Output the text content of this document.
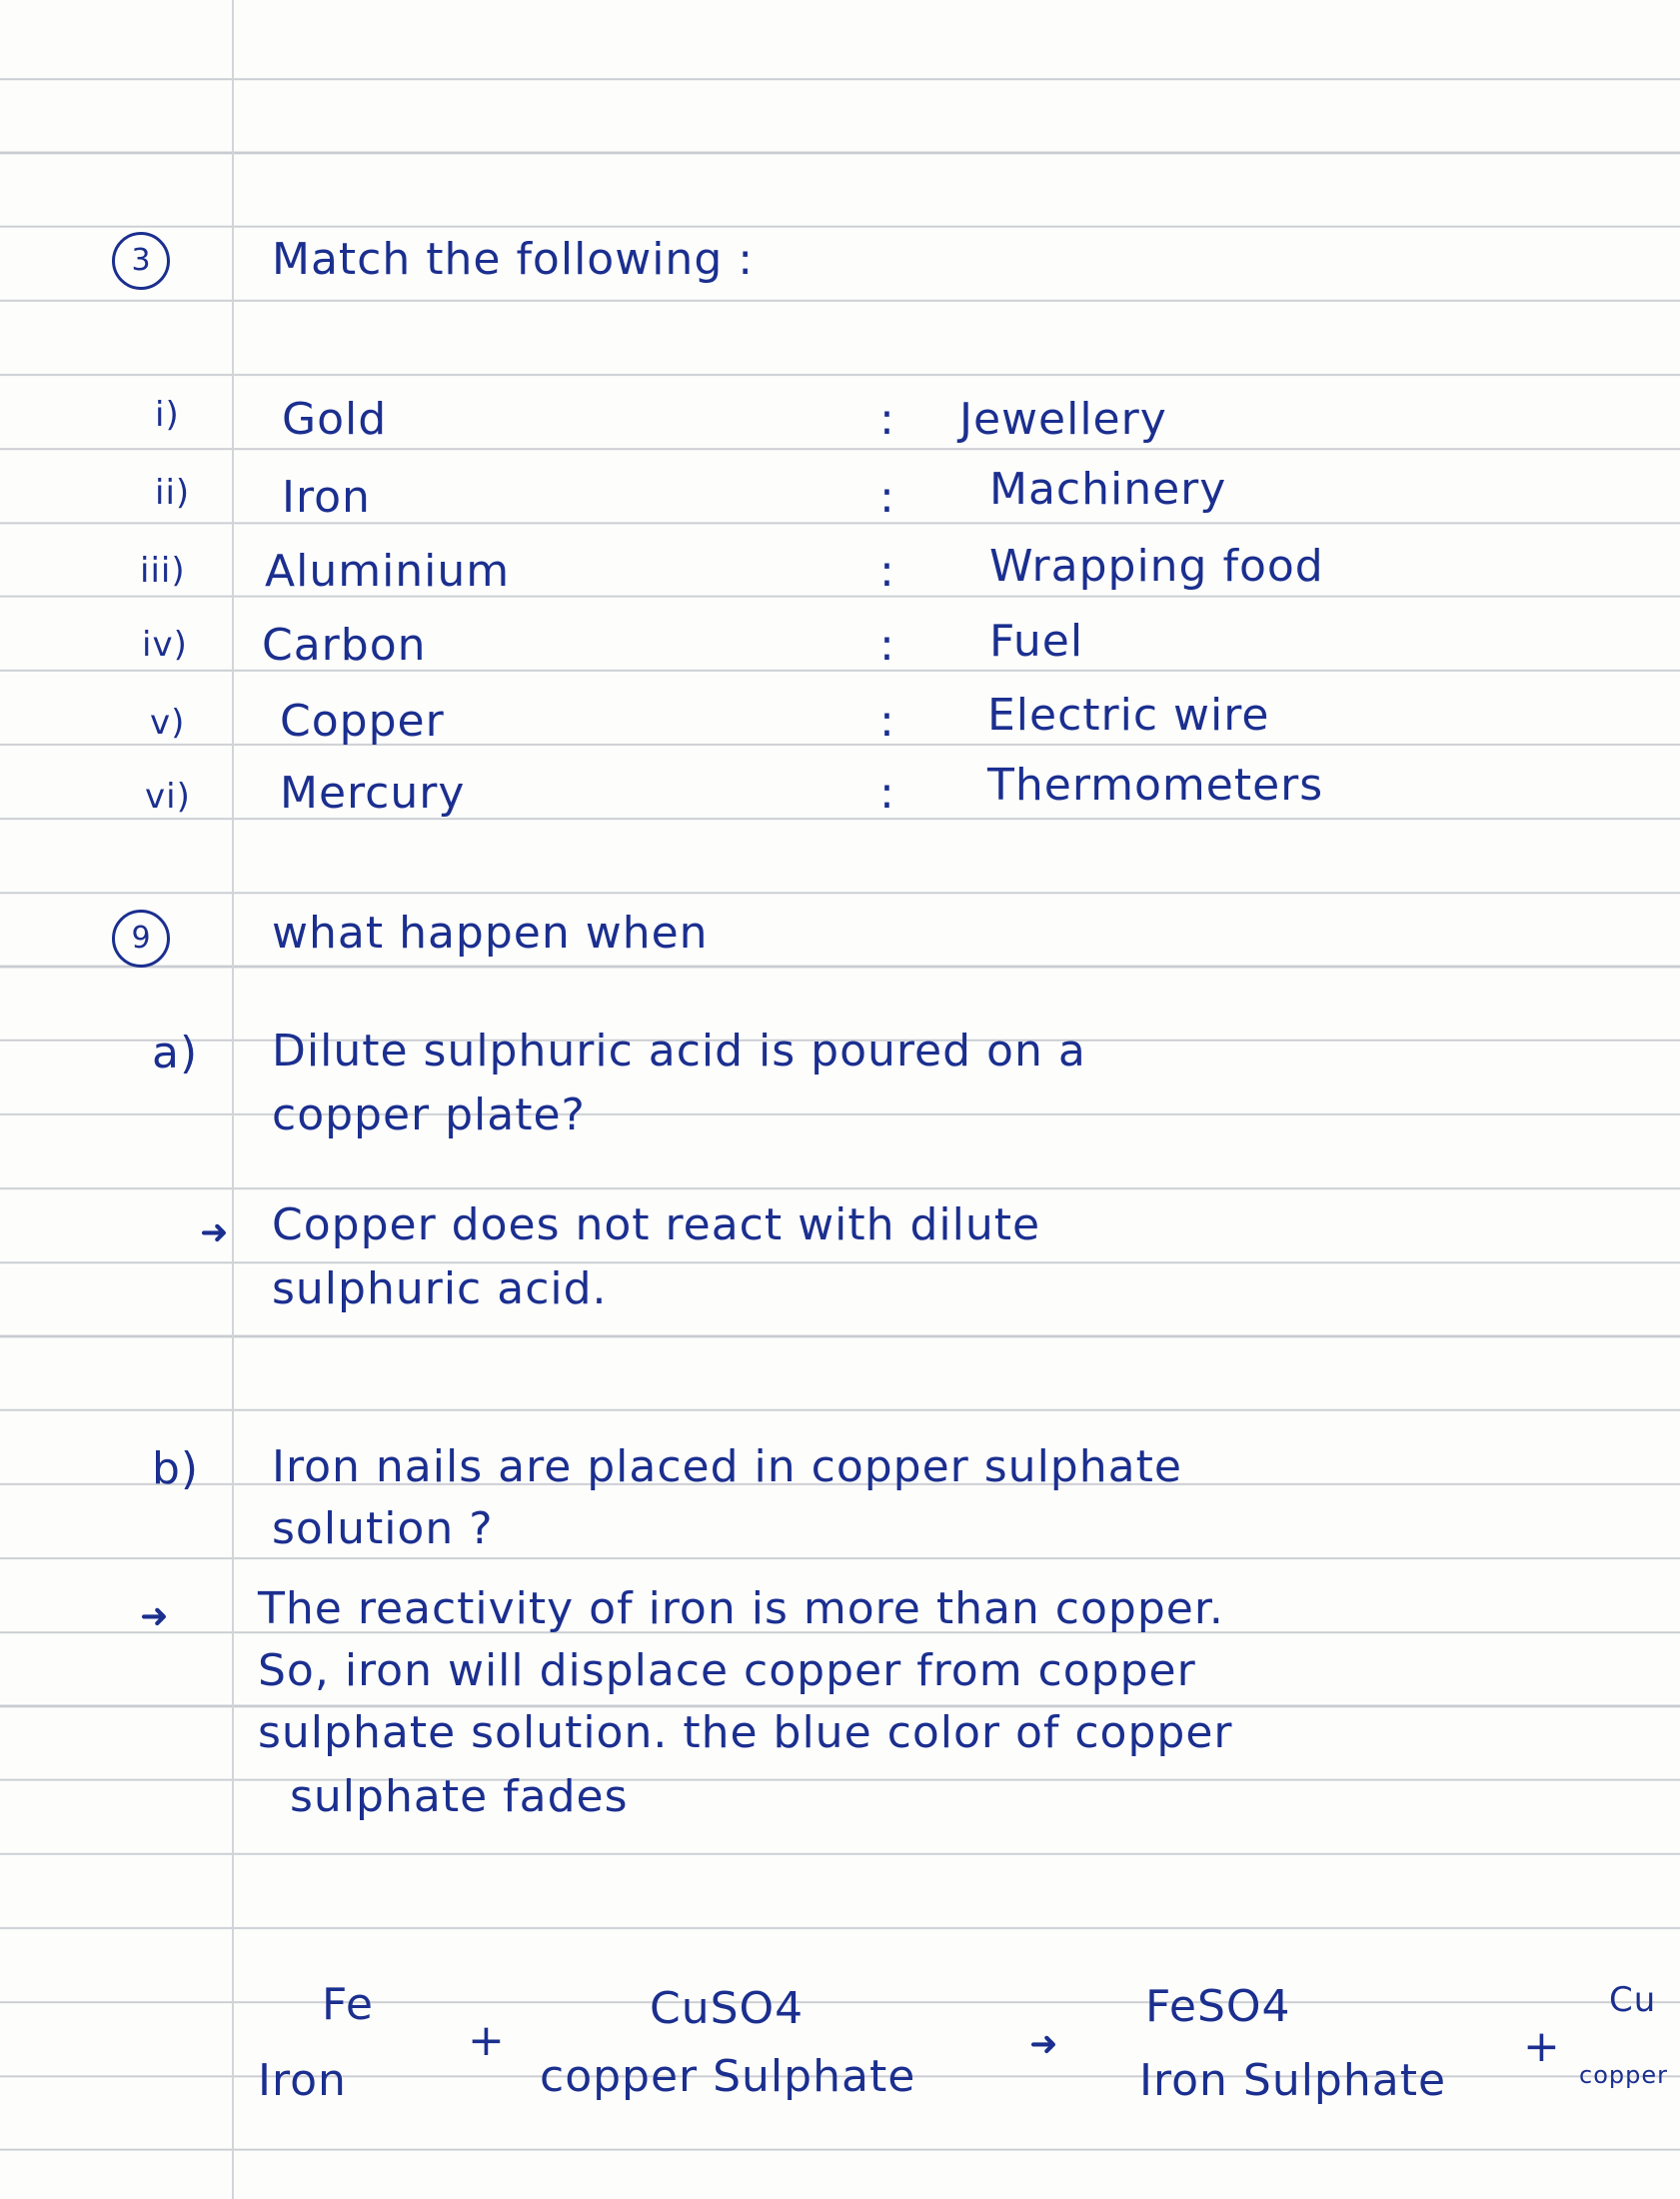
3	Match the following :
i) Gold	: Jewellery
ii) Iron	: Machinery
iii) Aluminium	: Wrapping food
iv) Carbon	: Fuel
v) Copper	: Electric wire
vi) Mercury	: Thermometers
9	what happen when
a) Dilute sulphuric acid is poured on a
copper plate?
➜ Copper does not react with dilute
sulphuric acid.
b) Iron nails are placed in copper sulphate
solution ?
➜ The reactivity of iron is more than copper.
So, iron will displace copper from copper
sulphate solution. the blue color of copper
sulphate fades
Fe
Iron
+
CuSO4
copper Sulphate
➜
FeSO4
Iron Sulphate
+
Cu
copper
